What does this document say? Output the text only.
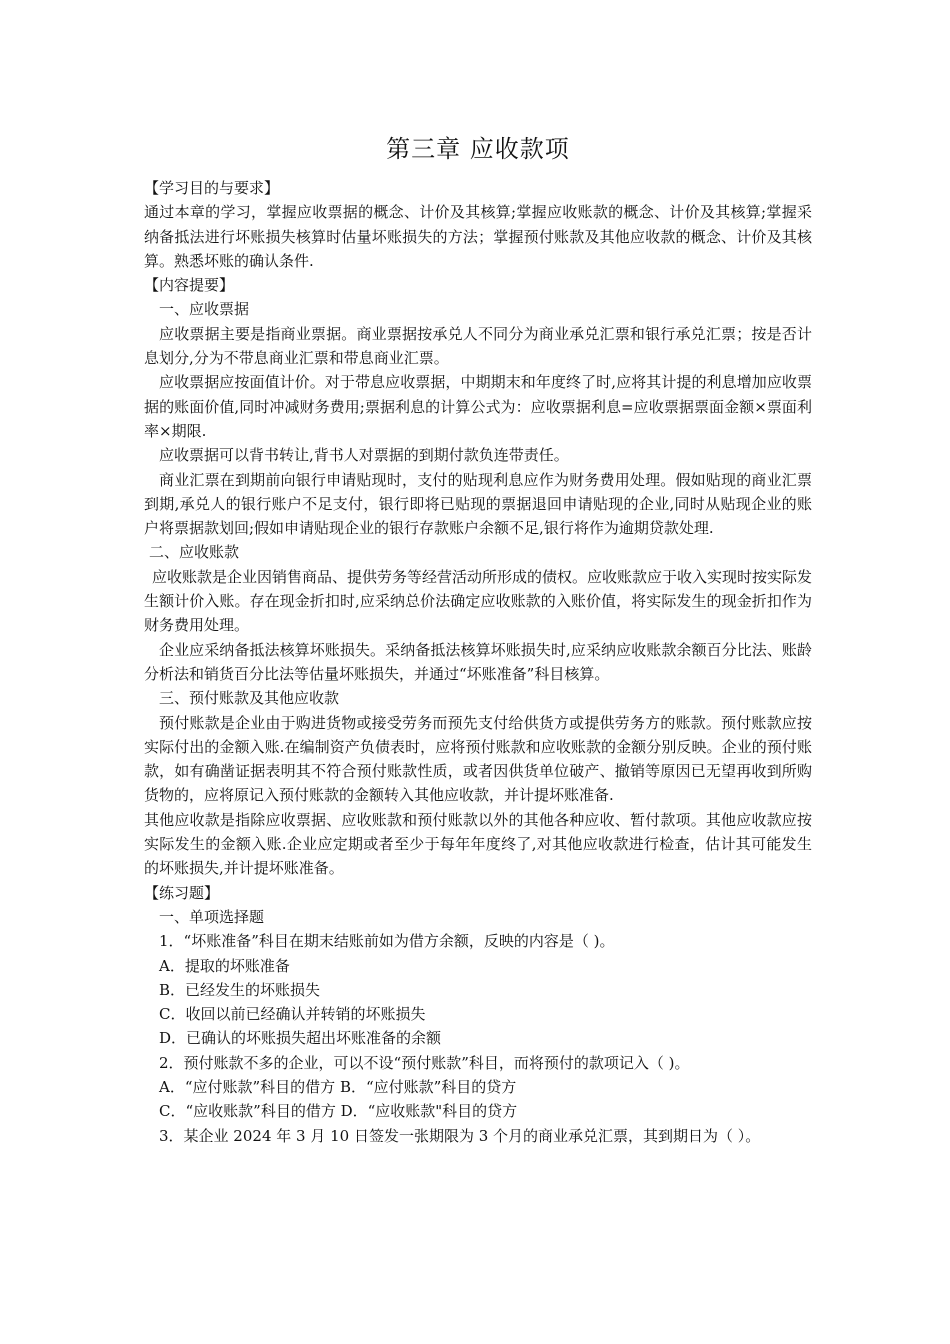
第三章 应收款项

【学习目的与要求】

通过本章的学习，掌握应收票据的概念、计价及其核算;掌握应收账款的概念、计价及其核算;掌握采纳备抵法进行坏账损失核算时估量坏账损失的方法；掌握预付账款及其他应收款的概念、计价及其核算。熟悉坏账的确认条件.

【内容提要】

一、应收票据

应收票据主要是指商业票据。商业票据按承兑人不同分为商业承兑汇票和银行承兑汇票；按是否计息划分,分为不带息商业汇票和带息商业汇票。

应收票据应按面值计价。对于带息应收票据，中期期末和年度终了时,应将其计提的利息增加应收票据的账面价值,同时冲减财务费用;票据利息的计算公式为：应收票据利息=应收票据票面金额×票面利率×期限.

应收票据可以背书转让,背书人对票据的到期付款负连带责任。

商业汇票在到期前向银行申请贴现时，支付的贴现利息应作为财务费用处理。假如贴现的商业汇票到期,承兑人的银行账户不足支付，银行即将已贴现的票据退回申请贴现的企业,同时从贴现企业的账户将票据款划回;假如申请贴现企业的银行存款账户余额不足,银行将作为逾期贷款处理.

二、应收账款

应收账款是企业因销售商品、提供劳务等经营活动所形成的债权。应收账款应于收入实现时按实际发生额计价入账。存在现金折扣时,应采纳总价法确定应收账款的入账价值，将实际发生的现金折扣作为财务费用处理。

企业应采纳备抵法核算坏账损失。采纳备抵法核算坏账损失时,应采纳应收账款余额百分比法、账龄分析法和销货百分比法等估量坏账损失，并通过“坏账准备”科目核算。

三、预付账款及其他应收款

预付账款是企业由于购进货物或接受劳务而预先支付给供货方或提供劳务方的账款。预付账款应按实际付出的金额入账.在编制资产负债表时，应将预付账款和应收账款的金额分别反映。企业的预付账款，如有确凿证据表明其不符合预付账款性质，或者因供货单位破产、撤销等原因已无望再收到所购货物的，应将原记入预付账款的金额转入其他应收款，并计提坏账准备.

其他应收款是指除应收票据、应收账款和预付账款以外的其他各种应收、暂付款项。其他应收款应按实际发生的金额入账.企业应定期或者至少于每年年度终了,对其他应收款进行检查，估计其可能发生的坏账损失,并计提坏账准备。

【练习题】

一、单项选择题

1．“坏账准备”科目在期末结账前如为借方余额，反映的内容是（ )。

A．提取的坏账准备

B．已经发生的坏账损失

C．收回以前已经确认并转销的坏账损失

D．已确认的坏账损失超出坏账准备的余额

2．预付账款不多的企业，可以不设“预付账款”科目，而将预付的款项记入（ )。

A．“应付账款”科目的借方 B．“应付账款”科目的贷方

C．“应收账款”科目的借方 D．“应收账款"科目的贷方

3．某企业 2024 年 3 月 10 日签发一张期限为 3 个月的商业承兑汇票，其到期日为（ ）。
